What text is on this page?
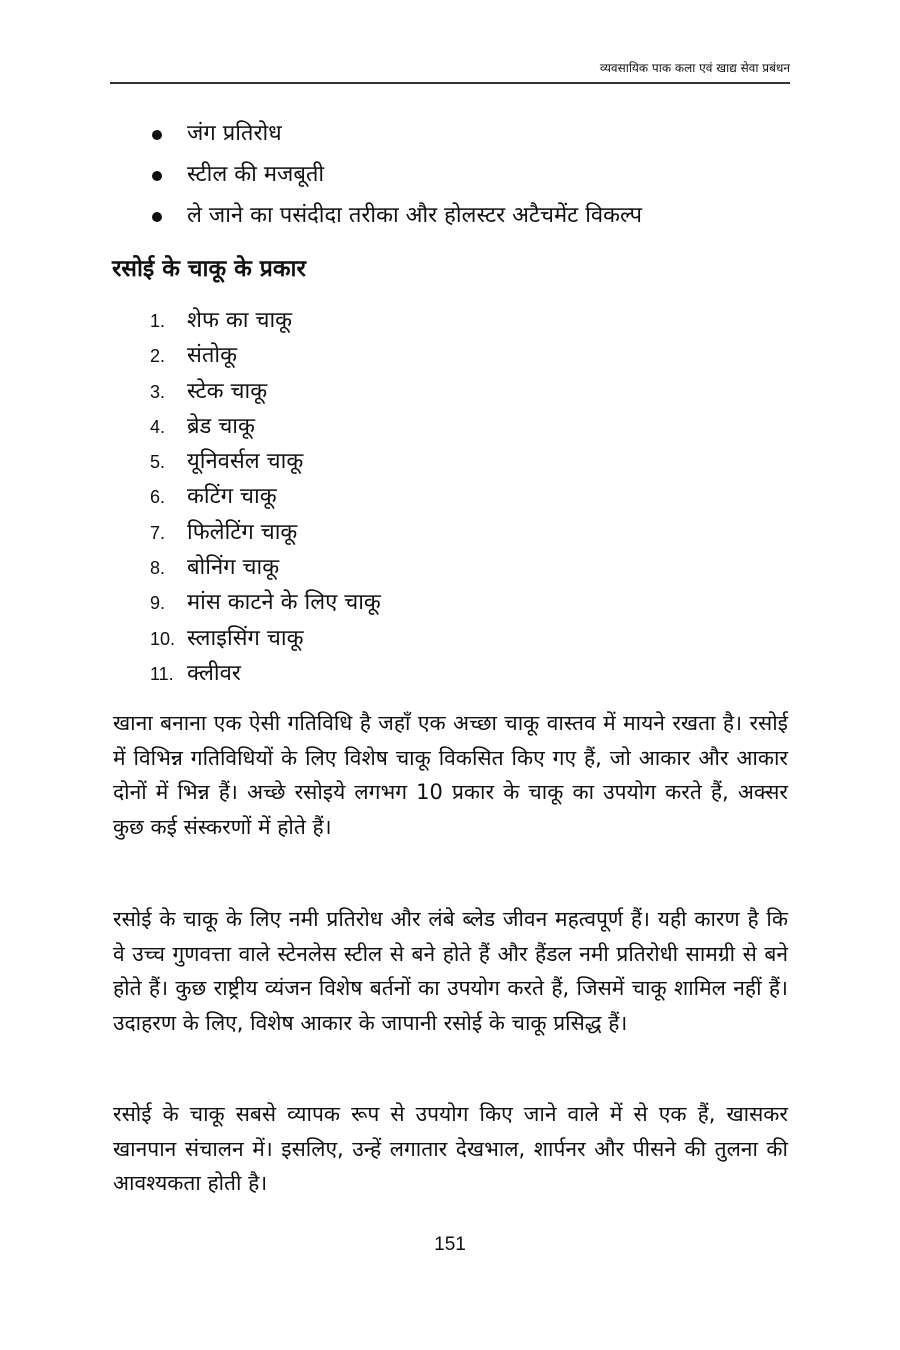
व्यवसायिक पाक कला एवं खाद्य सेवा प्रबंधन
जंग प्रतिरोध
स्टील की मजबूती
ले जाने का पसंदीदा तरीका और होलस्टर अटैचमेंट विकल्प
रसोई के चाकू के प्रकार
1. शेफ का चाकू
2. संतोकू
3. स्टेक चाकू
4. ब्रेड चाकू
5. यूनिवर्सल चाकू
6. कटिंग चाकू
7. फिलेटिंग चाकू
8. बोनिंग चाकू
9. मांस काटने के लिए चाकू
10. स्लाइसिंग चाकू
11. क्लीवर

खाना बनाना एक ऐसी गतिविधि है जहाँ एक अच्छा चाकू वास्तव में मायने रखता है। रसोई में विभिन्न गतिविधियों के लिए विशेष चाकू विकसित किए गए हैं, जो आकार और आकार दोनों में भिन्न हैं। अच्छे रसोइये लगभग 10 प्रकार के चाकू का उपयोग करते हैं, अक्सर कुछ कई संस्करणों में होते हैं।

रसोई के चाकू के लिए नमी प्रतिरोध और लंबे ब्लेड जीवन महत्वपूर्ण हैं। यही कारण है कि वे उच्च गुणवत्ता वाले स्टेनलेस स्टील से बने होते हैं और हैंडल नमी प्रतिरोधी सामग्री से बने होते हैं। कुछ राष्ट्रीय व्यंजन विशेष बर्तनों का उपयोग करते हैं, जिसमें चाकू शामिल नहीं हैं। उदाहरण के लिए, विशेष आकार के जापानी रसोई के चाकू प्रसिद्ध हैं।

रसोई के चाकू सबसे व्यापक रूप से उपयोग किए जाने वाले में से एक हैं, खासकर खानपान संचालन में। इसलिए, उन्हें लगातार देखभाल, शार्पनर और पीसने की तुलना की आवश्यकता होती है।

151
